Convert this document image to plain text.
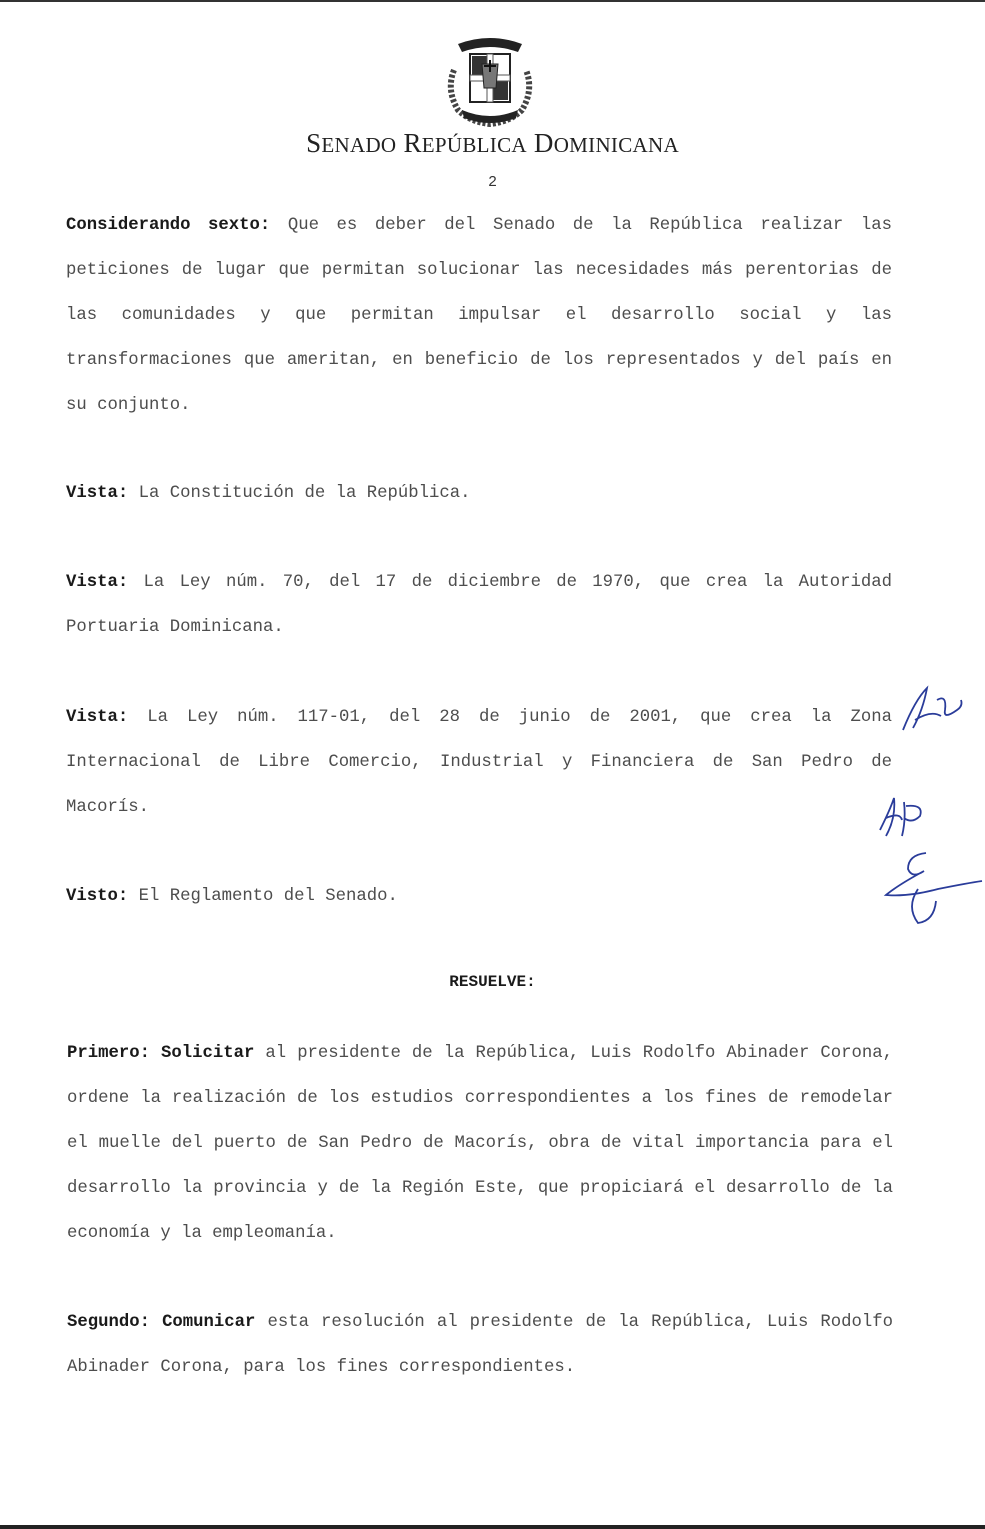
SENADO REPÚBLICA DOMINICANA
2

Considerando sexto: Que es deber del Senado de la República realizar las peticiones de lugar que permitan solucionar las necesidades más perentorias de las comunidades y que permitan impulsar el desarrollo social y las transformaciones que ameritan, en beneficio de los representados y del país en su conjunto.

Vista: La Constitución de la República.

Vista: La Ley núm. 70, del 17 de diciembre de 1970, que crea la Autoridad Portuaria Dominicana.

Vista: La Ley núm. 117-01, del 28 de junio de 2001, que crea la Zona Internacional de Libre Comercio, Industrial y Financiera de San Pedro de Macorís.

Visto: El Reglamento del Senado.

RESUELVE:

Primero: Solicitar al presidente de la República, Luis Rodolfo Abinader Corona, ordene la realización de los estudios correspondientes a los fines de remodelar el muelle del puerto de San Pedro de Macorís, obra de vital importancia para el desarrollo la provincia y de la Región Este, que propiciará el desarrollo de la economía y la empleomanía.

Segundo: Comunicar esta resolución al presidente de la República, Luis Rodolfo Abinader Corona, para los fines correspondientes.
